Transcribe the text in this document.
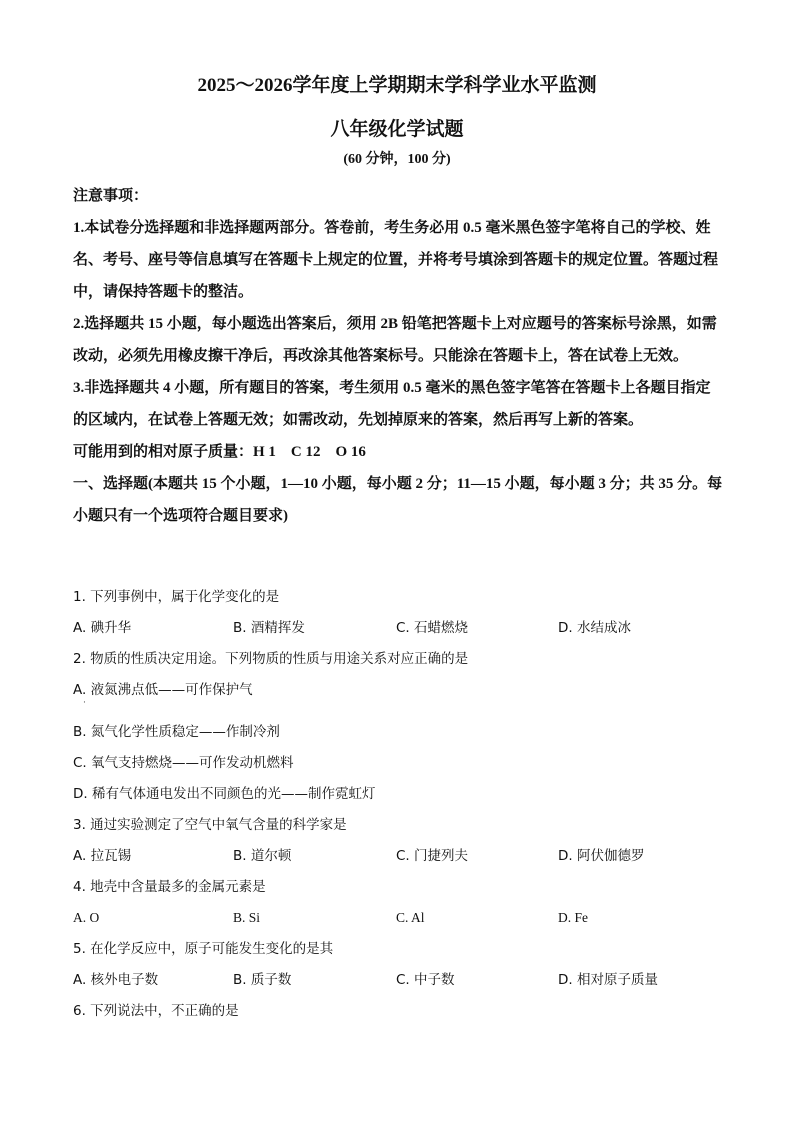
2025～2026学年度上学期期末学科学业水平监测
八年级化学试题
(60 分钟，100 分)

注意事项：

1.本试卷分选择题和非选择题两部分。答卷前，考生务必用 0.5 毫米黑色签字笔将自己的学校、姓名、考号、座号等信息填写在答题卡上规定的位置，并将考号填涂到答题卡的规定位置。答题过程中，请保持答题卡的整洁。

2.选择题共 15 小题，每小题选出答案后，须用 2B 铅笔把答题卡上对应题号的答案标号涂黑，如需改动，必须先用橡皮擦干净后，再改涂其他答案标号。只能涂在答题卡上，答在试卷上无效。

3.非选择题共 4 小题，所有题目的答案，考生须用 0.5 毫米的黑色签字笔答在答题卡上各题目指定的区域内，在试卷上答题无效；如需改动，先划掉原来的答案，然后再写上新的答案。

可能用到的相对原子质量：H 1　C 12　O 16

一、选择题(本题共 15 个小题，1—10 小题，每小题 2 分；11—15 小题，每小题 3 分；共 35 分。每小题只有一个选项符合题目要求)

1. 下列事例中，属于化学变化的是
A. 碘升华	B. 酒精挥发	C. 石蜡燃烧	D. 水结成冰
2. 物质的性质决定用途。下列物质的性质与用途关系对应正确的是
A. 液氮沸点低——可作保护气
B. 氮气化学性质稳定——作制冷剂
C. 氧气支持燃烧——可作发动机燃料
D. 稀有气体通电发出不同颜色的光——制作霓虹灯
3. 通过实验测定了空气中氧气含量的科学家是
A. 拉瓦锡	B. 道尔顿	C. 门捷列夫	D. 阿伏伽德罗
4. 地壳中含量最多的金属元素是
A. O	B. Si	C. Al	D. Fe
5. 在化学反应中，原子可能发生变化的是其
A. 核外电子数	B. 质子数	C. 中子数	D. 相对原子质量
6. 下列说法中，不正确的是
·
